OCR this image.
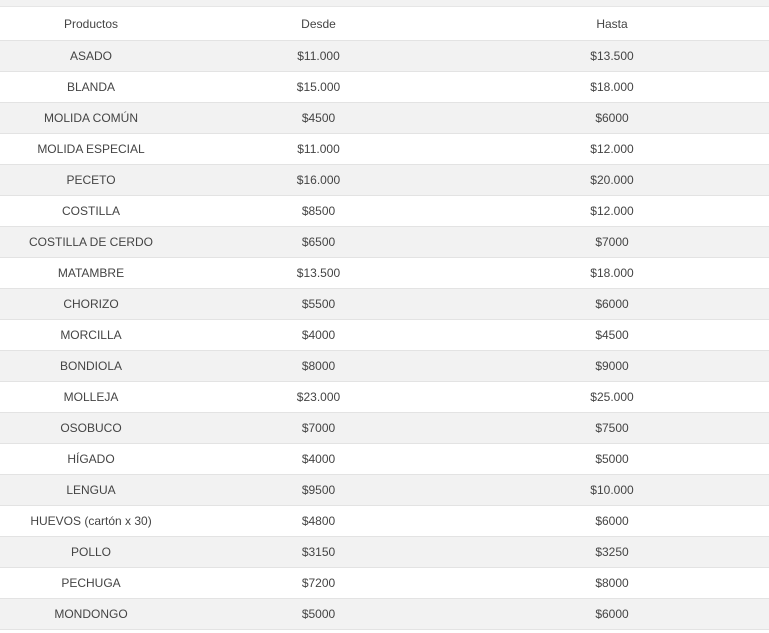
Productos	Desde	Hasta
ASADO	$11.000	$13.500
BLANDA	$15.000	$18.000
MOLIDA COMÚN	$4500	$6000
MOLIDA ESPECIAL	$11.000	$12.000
PECETO	$16.000	$20.000
COSTILLA	$8500	$12.000
COSTILLA DE CERDO	$6500	$7000
MATAMBRE	$13.500	$18.000
CHORIZO	$5500	$6000
MORCILLA	$4000	$4500
BONDIOLA	$8000	$9000
MOLLEJA	$23.000	$25.000
OSOBUCO	$7000	$7500
HÍGADO	$4000	$5000
LENGUA	$9500	$10.000
HUEVOS (cartón x 30)	$4800	$6000
POLLO	$3150	$3250
PECHUGA	$7200	$8000
MONDONGO	$5000	$6000
